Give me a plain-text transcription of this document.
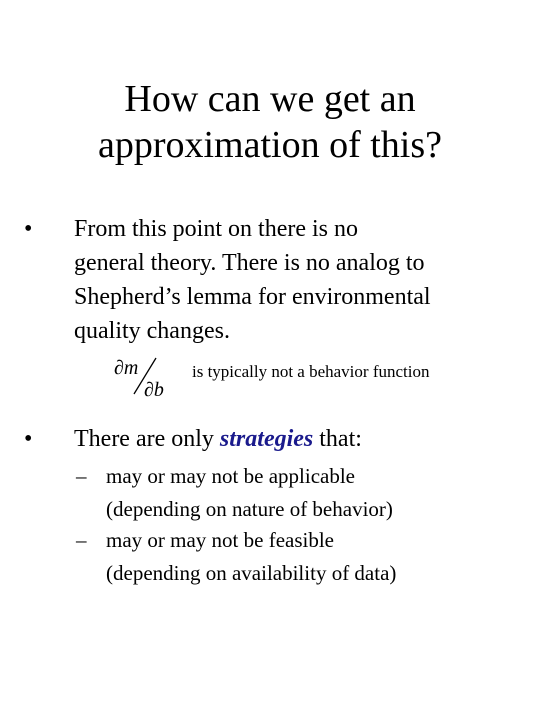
How can we get an
approximation of this?
•	From this point on there is no
general theory. There is no analog to
Shepherd’s lemma for environmental
quality changes.
∂m
∂b
is typically not a behavior function
•	There are only strategies that:
– may or may not be applicable
(depending on nature of behavior)
– may or may not be feasible
(depending on availability of data)
